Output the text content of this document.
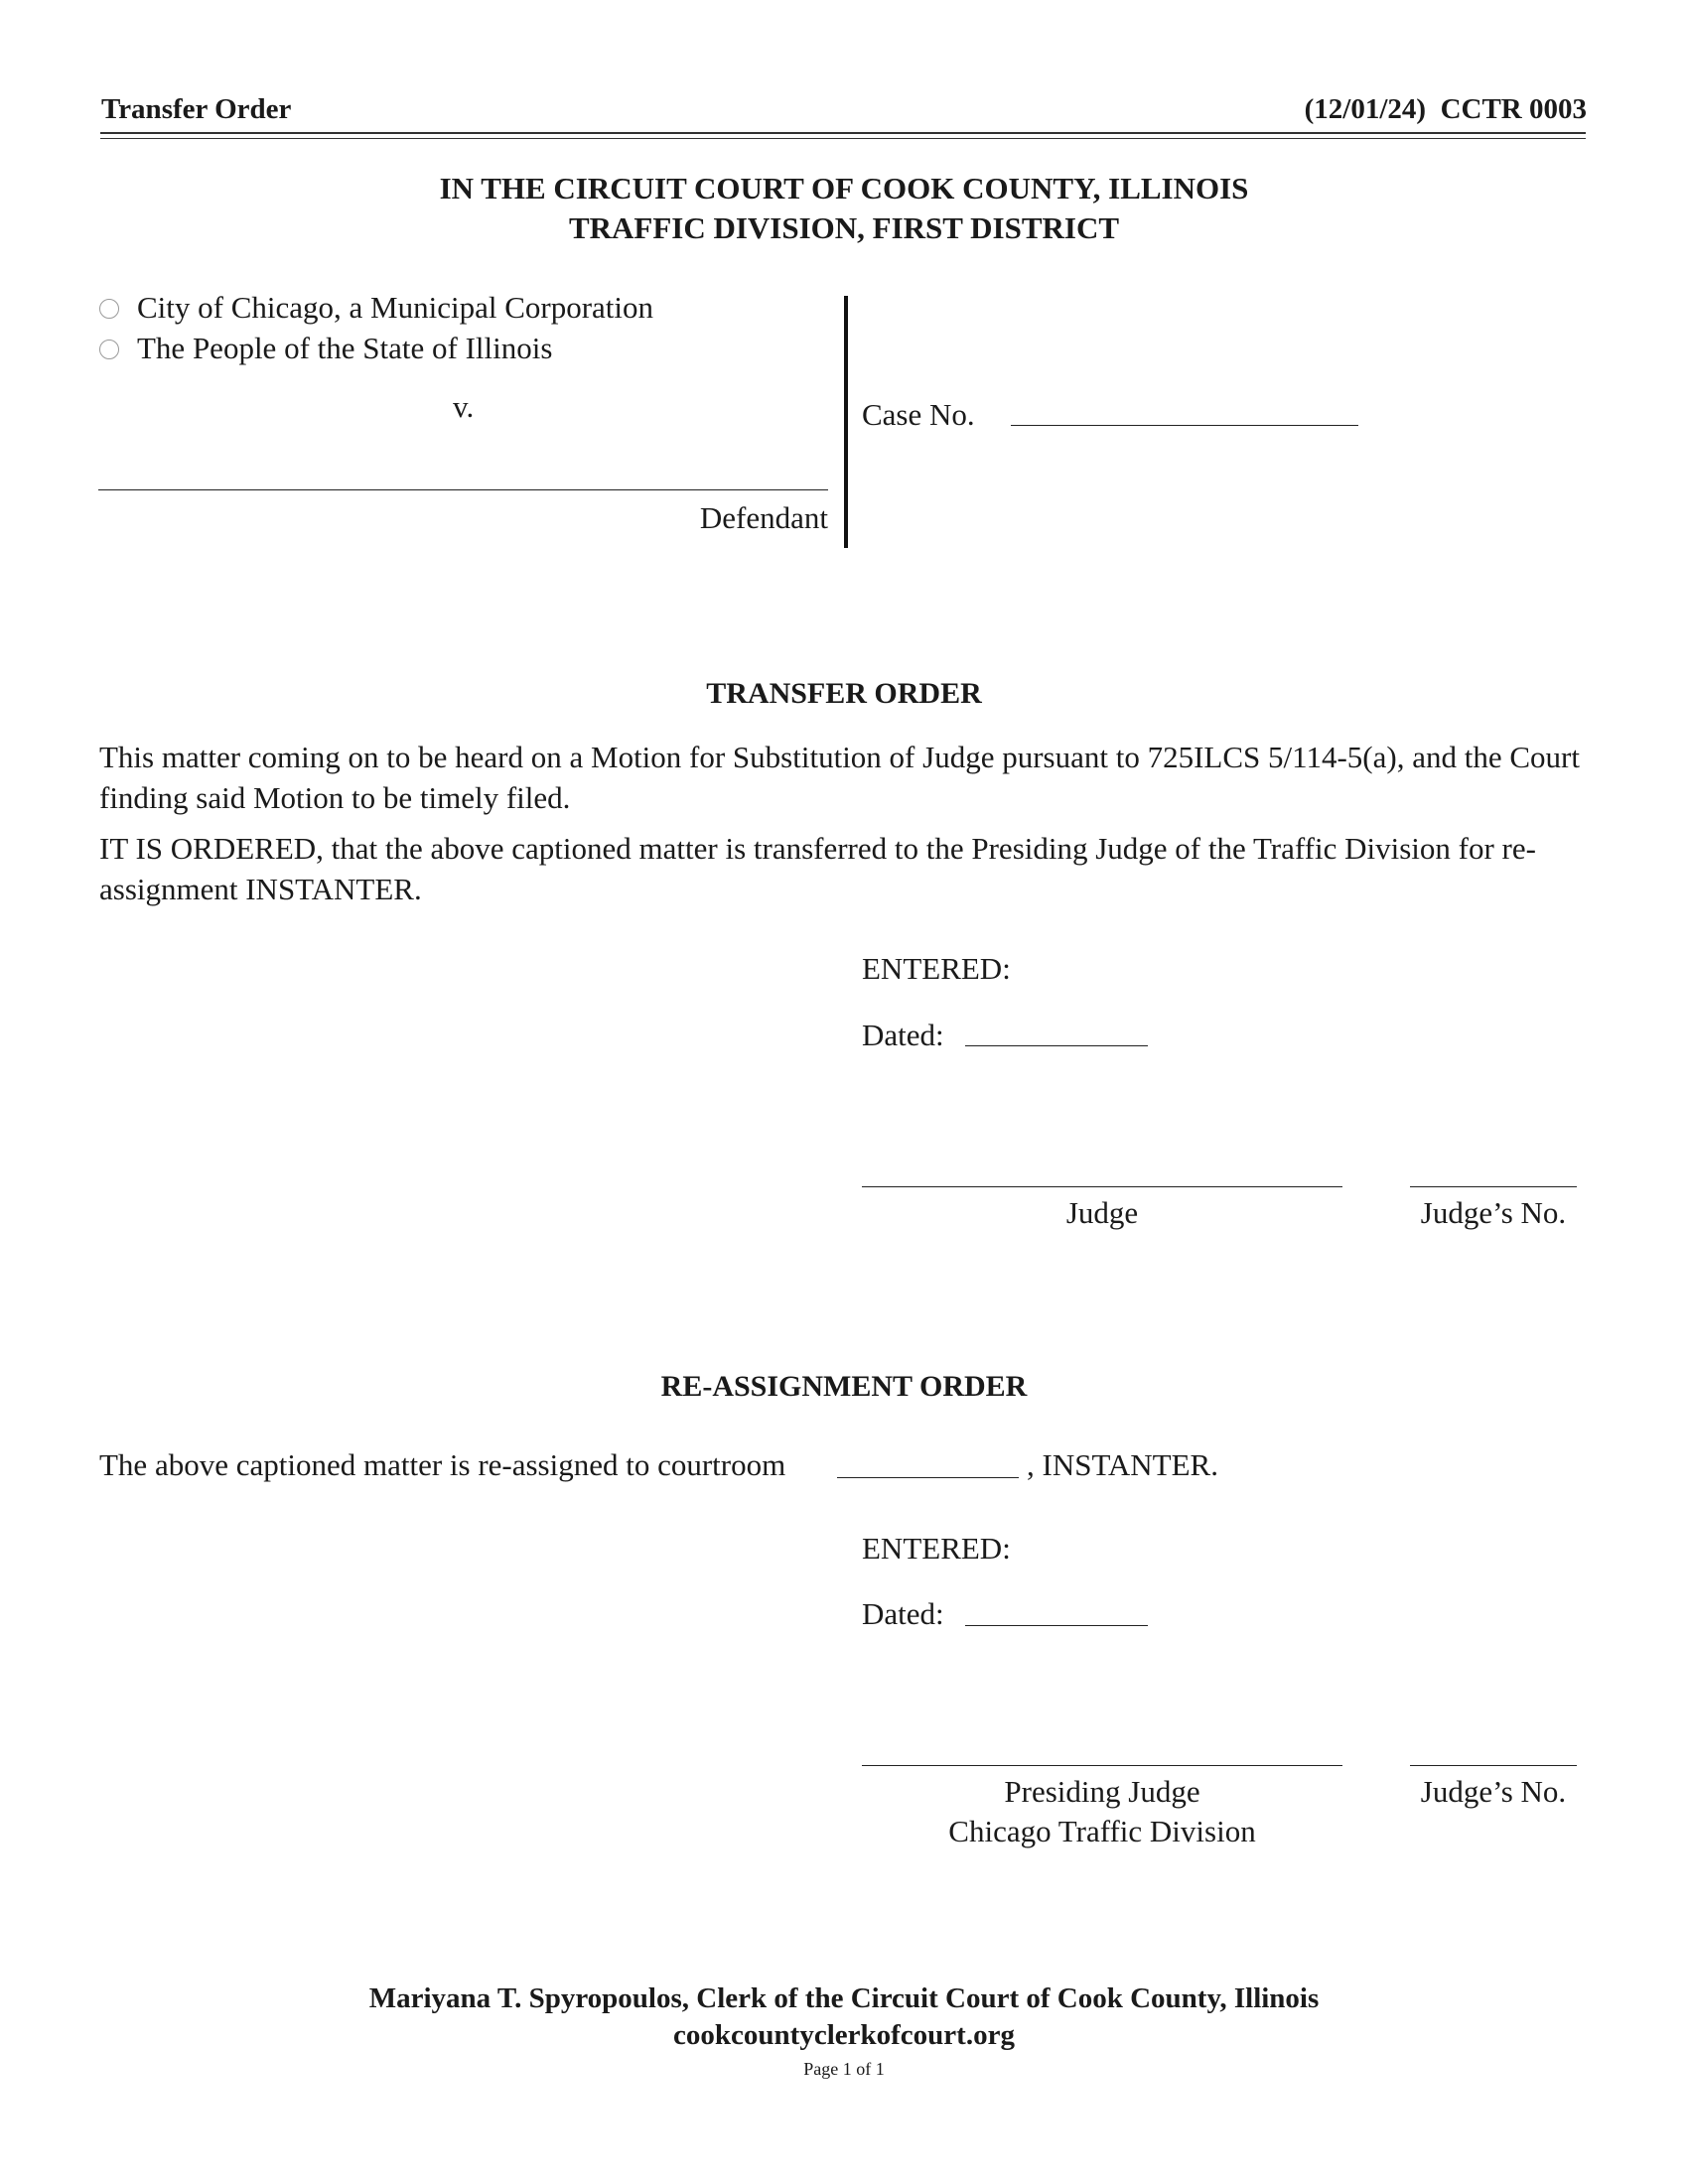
Transfer Order	(12/01/24)  CCTR 0003
IN THE CIRCUIT COURT OF COOK COUNTY, ILLINOIS
TRAFFIC DIVISION, FIRST DISTRICT
City of Chicago, a Municipal Corporation
The People of the State of Illinois
v.
Defendant
Case No.
TRANSFER ORDER
This matter coming on to be heard on a Motion for Substitution of Judge pursuant to 725ILCS 5/114-5(a), and the Court finding said Motion to be timely filed.
IT IS ORDERED, that the above captioned matter is transferred to the Presiding Judge of the Traffic Division for re-assignment INSTANTER.
ENTERED:
Dated:
Judge	Judge’s No.
RE-ASSIGNMENT ORDER
The above captioned matter is re-assigned to courtroom	, INSTANTER.
ENTERED:
Dated:
Presiding Judge
Chicago Traffic Division
Judge’s No.
Mariyana T. Spyropoulos, Clerk of the Circuit Court of Cook County, Illinois
cookcountyclerkofcourt.org
Page 1 of 1
